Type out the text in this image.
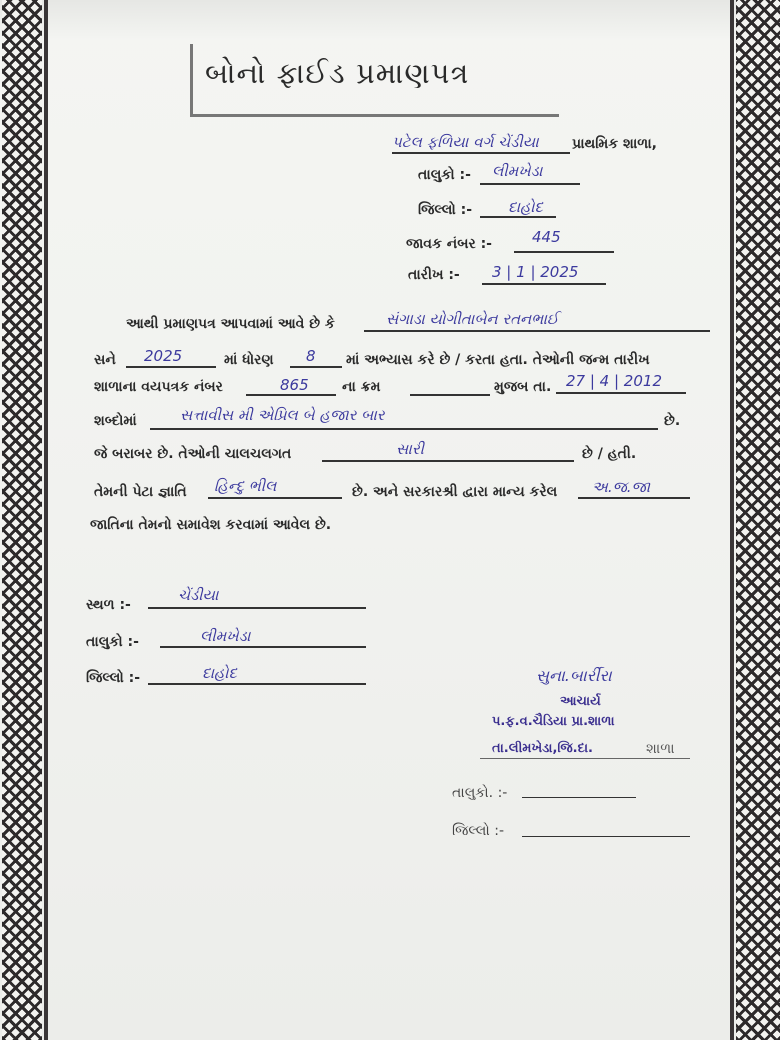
બોનો ફાઈડ પ્રમાણપત્ર
પટેલ ફળિયા વર્ગ ચેંડીયા પ્રાથમિક શાળા,
તાલુકો :- લીમખેડા
જિલ્લો :- દાહોદ
જાવક નંબર :-	445
તારીખ :- 3 | 1 | 2025
આથી પ્રમાણપત્ર આપવામાં આવે છે કે	સંગાડા યોગીતાબેન રતનભાઈ
સને 2025	માં ધોરણ 8 માં અભ્યાસ કરે છે / કરતા હતા. તેઓની જન્મ તારીખ
શાળાના વયપત્રક નંબર	865 ના ક્રમ	મુજબ તા. 27 | 4 | 2012
શબ્દોમાં	સત્તાવીસ મી એપ્રિલ બે હજાર બાર	છે.
જે બરાબર છે. તેઓની ચાલચલગત	સારી	છે / હતી.
તેમની પેટા જ્ઞાતિ હિન્દુ ભીલ	છે. અને સરકારશ્રી દ્વારા માન્ય કરેલ અ.જ.જા
જાતિના તેમનો સમાવેશ કરવામાં આવેલ છે.
સ્થળ :-
ચેંડીયા
તાલુકો :-	લીમખેડા
જિલ્લો :-	દાહોદ	સુના.બાર્રીરા
આચાર્ય
પ.ફ.વ.ચૈડિયા પ્રા.શાળા
તા.લીમખેડા,જિ.દા.	શાળા
તાલુકો. :-
જિલ્લો :-
